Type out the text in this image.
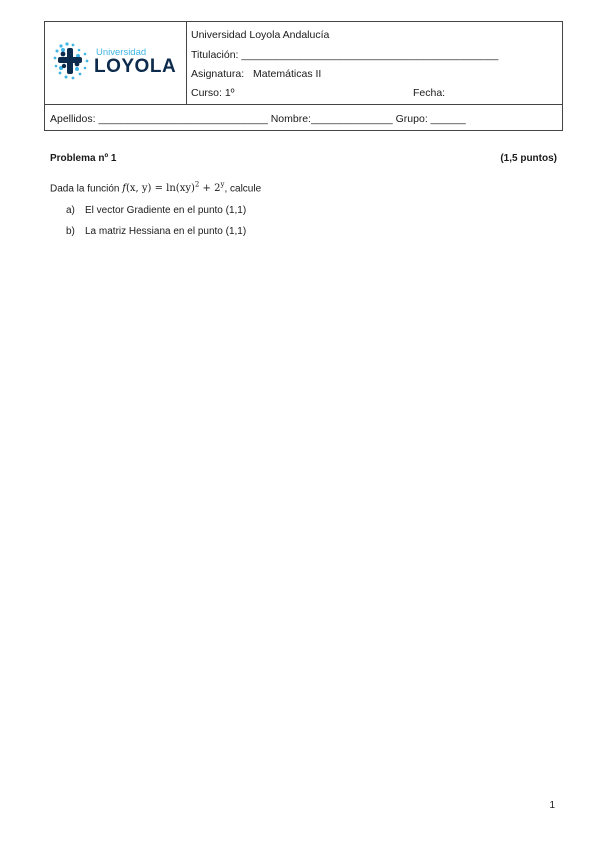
Universidad
LOYOLA
Universidad Loyola Andalucía
Titulación: ____________________________________________
Asignatura: Matemáticas II
Curso: 1º	Fecha:
Apellidos: _____________________________ Nombre:______________ Grupo: ______
Problema nº 1	(1,5 puntos)
Dada la función f(x, $y) = \ln(xy)^2 + 2^y$, calcule
a) El vector Gradiente en el punto (1,1)
b) La matriz Hessiana en el punto (1,1)
1
